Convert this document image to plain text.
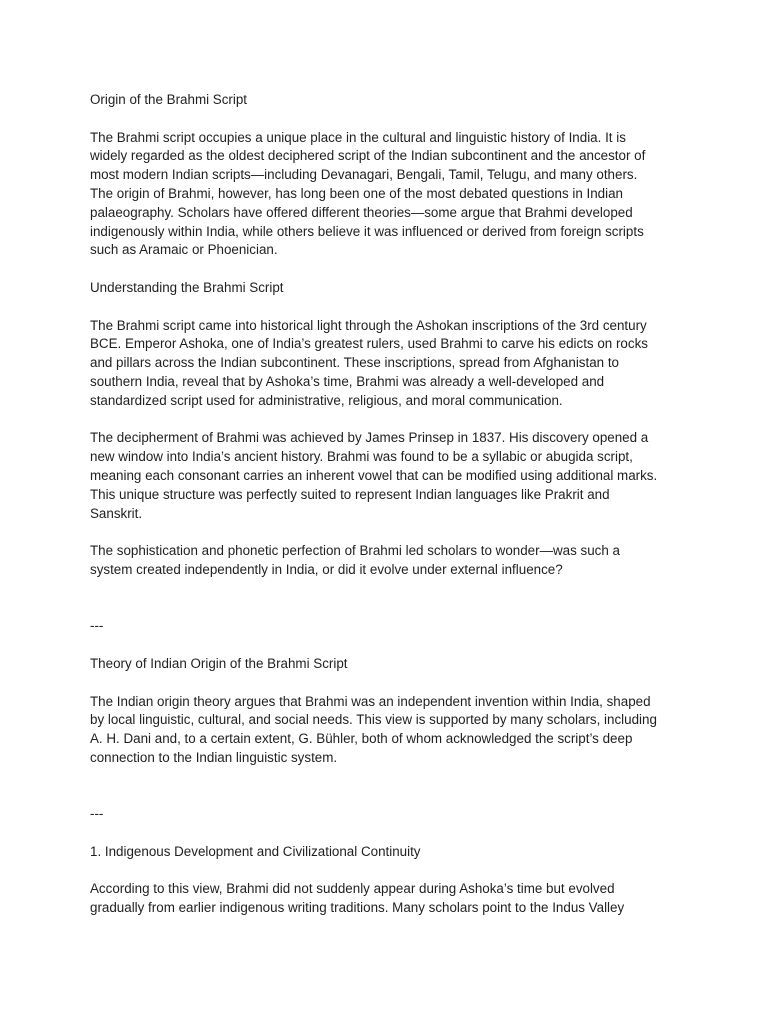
Origin of the Brahmi Script

The Brahmi script occupies a unique place in the cultural and linguistic history of India. It is
widely regarded as the oldest deciphered script of the Indian subcontinent and the ancestor of
most modern Indian scripts—including Devanagari, Bengali, Tamil, Telugu, and many others.
The origin of Brahmi, however, has long been one of the most debated questions in Indian
palaeography. Scholars have offered different theories—some argue that Brahmi developed
indigenously within India, while others believe it was influenced or derived from foreign scripts
such as Aramaic or Phoenician.

Understanding the Brahmi Script

The Brahmi script came into historical light through the Ashokan inscriptions of the 3rd century
BCE. Emperor Ashoka, one of India’s greatest rulers, used Brahmi to carve his edicts on rocks
and pillars across the Indian subcontinent. These inscriptions, spread from Afghanistan to
southern India, reveal that by Ashoka’s time, Brahmi was already a well-developed and
standardized script used for administrative, religious, and moral communication.

The decipherment of Brahmi was achieved by James Prinsep in 1837. His discovery opened a
new window into India’s ancient history. Brahmi was found to be a syllabic or abugida script,
meaning each consonant carries an inherent vowel that can be modified using additional marks.
This unique structure was perfectly suited to represent Indian languages like Prakrit and
Sanskrit.

The sophistication and phonetic perfection of Brahmi led scholars to wonder—was such a
system created independently in India, or did it evolve under external influence?

---

Theory of Indian Origin of the Brahmi Script

The Indian origin theory argues that Brahmi was an independent invention within India, shaped
by local linguistic, cultural, and social needs. This view is supported by many scholars, including
A. H. Dani and, to a certain extent, G. Bühler, both of whom acknowledged the script’s deep
connection to the Indian linguistic system.

---

1. Indigenous Development and Civilizational Continuity

According to this view, Brahmi did not suddenly appear during Ashoka’s time but evolved
gradually from earlier indigenous writing traditions. Many scholars point to the Indus Valley
